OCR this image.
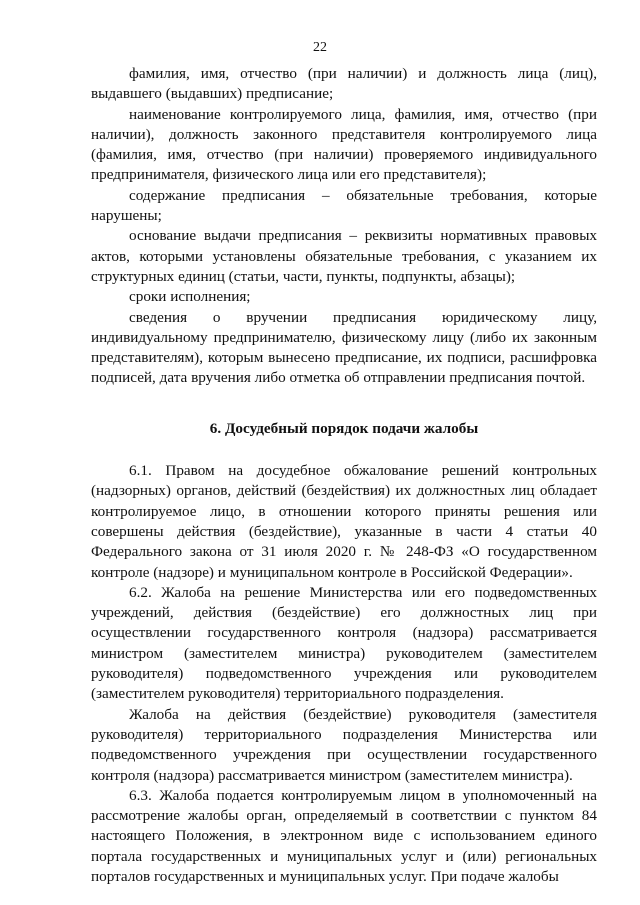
22

фамилия, имя, отчество (при наличии) и должность лица (лиц), выдавшего (выдавших) предписание;

наименование контролируемого лица, фамилия, имя, отчество (при наличии), должность законного представителя контролируемого лица (фамилия, имя, отчество (при наличии) проверяемого индивидуального предпринимателя, физического лица или его представителя);

содержание предписания – обязательные требования, которые нарушены;

основание выдачи предписания – реквизиты нормативных правовых актов, которыми установлены обязательные требования, с указанием их структурных единиц (статьи, части, пункты, подпункты, абзацы);

сроки исполнения;

сведения о вручении предписания юридическому лицу, индивидуальному предпринимателю, физическому лицу (либо их законным представителям), которым вынесено предписание, их подписи, расшифровка подписей, дата вручения либо отметка об отправлении предписания почтой.

6. Досудебный порядок подачи жалобы

6.1. Правом на досудебное обжалование решений контрольных (надзорных) органов, действий (бездействия) их должностных лиц обладает контролируемое лицо, в отношении которого приняты решения или совершены действия (бездействие), указанные в части 4 статьи 40 Федерального закона от 31 июля 2020 г. № 248-ФЗ «О государственном контроле (надзоре) и муниципальном контроле в Российской Федерации».

6.2. Жалоба на решение Министерства или его подведомственных учреждений, действия (бездействие) его должностных лиц при осуществлении государственного контроля (надзора) рассматривается министром (заместителем министра) руководителем (заместителем руководителя) подведомственного учреждения или руководителем (заместителем руководителя) территориального подразделения.

Жалоба на действия (бездействие) руководителя (заместителя руководителя) территориального подразделения Министерства или подведомственного учреждения при осуществлении государственного контроля (надзора) рассматривается министром (заместителем министра).

6.3. Жалоба подается контролируемым лицом в уполномоченный на рассмотрение жалобы орган, определяемый в соответствии с пунктом 84 настоящего Положения, в электронном виде с использованием единого портала государственных и муниципальных услуг и (или) региональных порталов государственных и муниципальных услуг. При подаче жалобы
